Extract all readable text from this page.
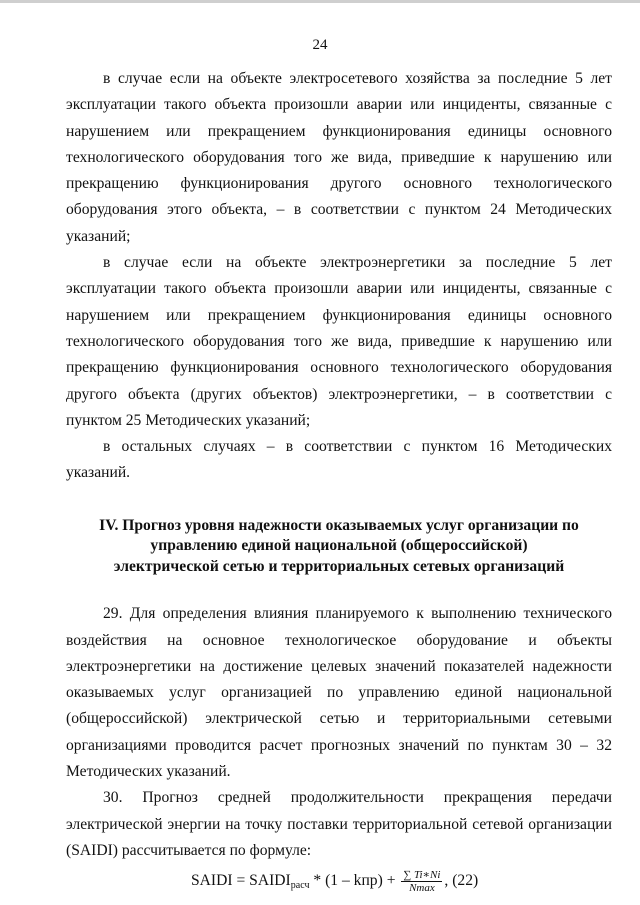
24

в случае если на объекте электросетевого хозяйства за последние 5 лет эксплуатации такого объекта произошли аварии или инциденты, связанные с нарушением или прекращением функционирования единицы основного технологического оборудования того же вида, приведшие к нарушению или прекращению функционирования другого основного технологического оборудования этого объекта, – в соответствии с пунктом 24 Методических указаний;

в случае если на объекте электроэнергетики за последние 5 лет эксплуатации такого объекта произошли аварии или инциденты, связанные с нарушением или прекращением функционирования единицы основного технологического оборудования того же вида, приведшие к нарушению или прекращению функционирования основного технологического оборудования другого объекта (других объектов) электроэнергетики, – в соответствии с пунктом 25 Методических указаний;

в остальных случаях – в соответствии с пунктом 16 Методических указаний.

IV. Прогноз уровня надежности оказываемых услуг организации по управлению единой национальной (общероссийской) электрической сетью и территориальных сетевых организаций

29. Для определения влияния планируемого к выполнению технического воздействия на основное технологическое оборудование и объекты электроэнергетики на достижение целевых значений показателей надежности оказываемых услуг организацией по управлению единой национальной (общероссийской) электрической сетью и территориальными сетевыми организациями проводится расчет прогнозных значений по пунктам 30 – 32 Методических указаний.

30. Прогноз средней продолжительности прекращения передачи электрической энергии на точку поставки территориальной сетевой организации (SAIDI) рассчитывается по формуле:

SAIDI = $SAIDI_{расч} * (1 - kпр) + \frac{\sum Ti∗Ni}{Nmax}$ , (22)
